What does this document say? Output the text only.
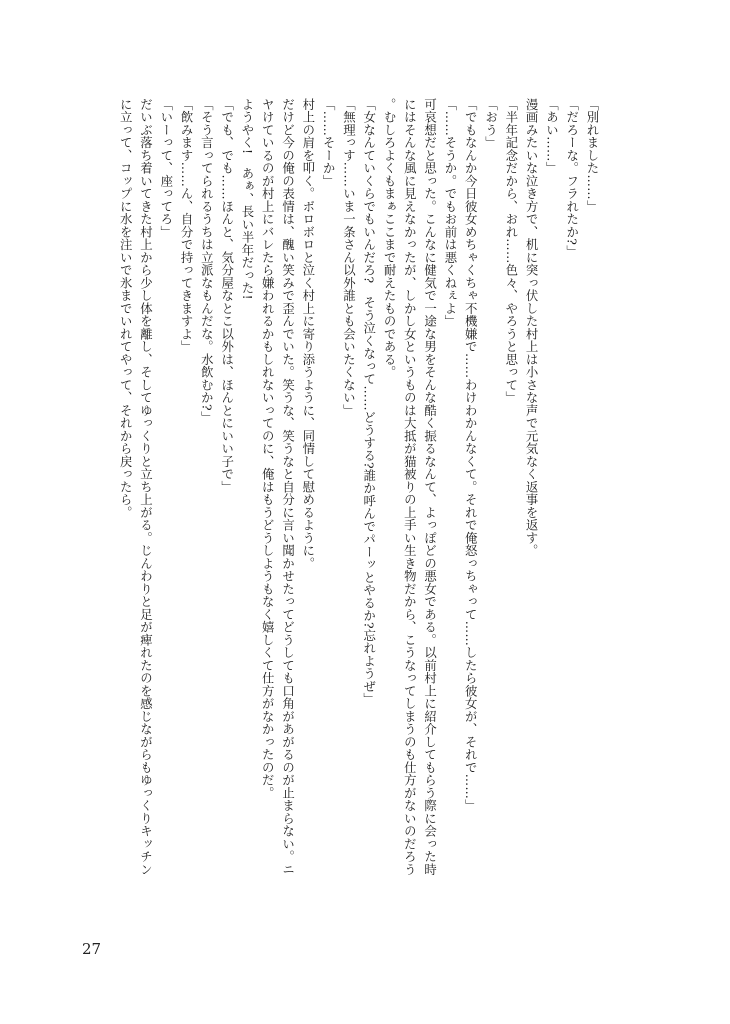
「別れました……」

「だろーな。フラれたか?」

「あい……」

漫画みたいな泣き方で、机に突っ伏した村上は小さな声で元気なく返事を返す。

「半年記念だから、おれ……色々、やろうと思って」

「おう」

「でもなんか今日彼女めちゃくちゃ不機嫌で……わけわかんなくて。それで俺怒っちゃって……したら彼女が、それで……」

「……そうか。でもお前は悪くねぇよ」

可哀想だと思った。こんなに健気で一途な男をそんな酷く振るなんて、よっぽどの悪女である。以前村上に紹介してもらう際に会った時にはそんな風に見えなかったが、しかし女というものは大抵が猫被りの上手い生き物だから、こうなってしまうのも仕方がないのだろう。むしろよくもまぁここまで耐えたものである。

「女なんていくらでもいんだろ?　そう泣くなって……どうする?誰か呼んでパーッとやるか?忘れようぜ」

「無理っす……いま一条さん以外誰とも会いたくない」

「……そーか」

村上の肩を叩く。ボロボロと泣く村上に寄り添うように、同情して慰めるように。

だけど今の俺の表情は、醜い笑みで歪んでいた。笑うな、笑うなと自分に言い聞かせたってどうしても口角があがるのが止まらない。ニヤけているのが村上にバレたら嫌われるかもしれないってのに、俺はもうどうしようもなく嬉しくて仕方がなかったのだ。

ようやく!　あぁ、長い半年だった!

「でも、でも……ほんと、気分屋なとこ以外は、ほんとにいい子で」

「そう言ってられるうちは立派なもんだな。水飲むか?」

「飲みます……ん、自分で持ってきますよ」

「いーって、座ってろ」

だいぶ落ち着いてきた村上から少し体を離し、そしてゆっくりと立ち上がる。じんわりと足が痺れたのを感じながらもゆっくりキッチンに立って、コップに水を注いで氷までいれてやって、それから戻ったら。

27
